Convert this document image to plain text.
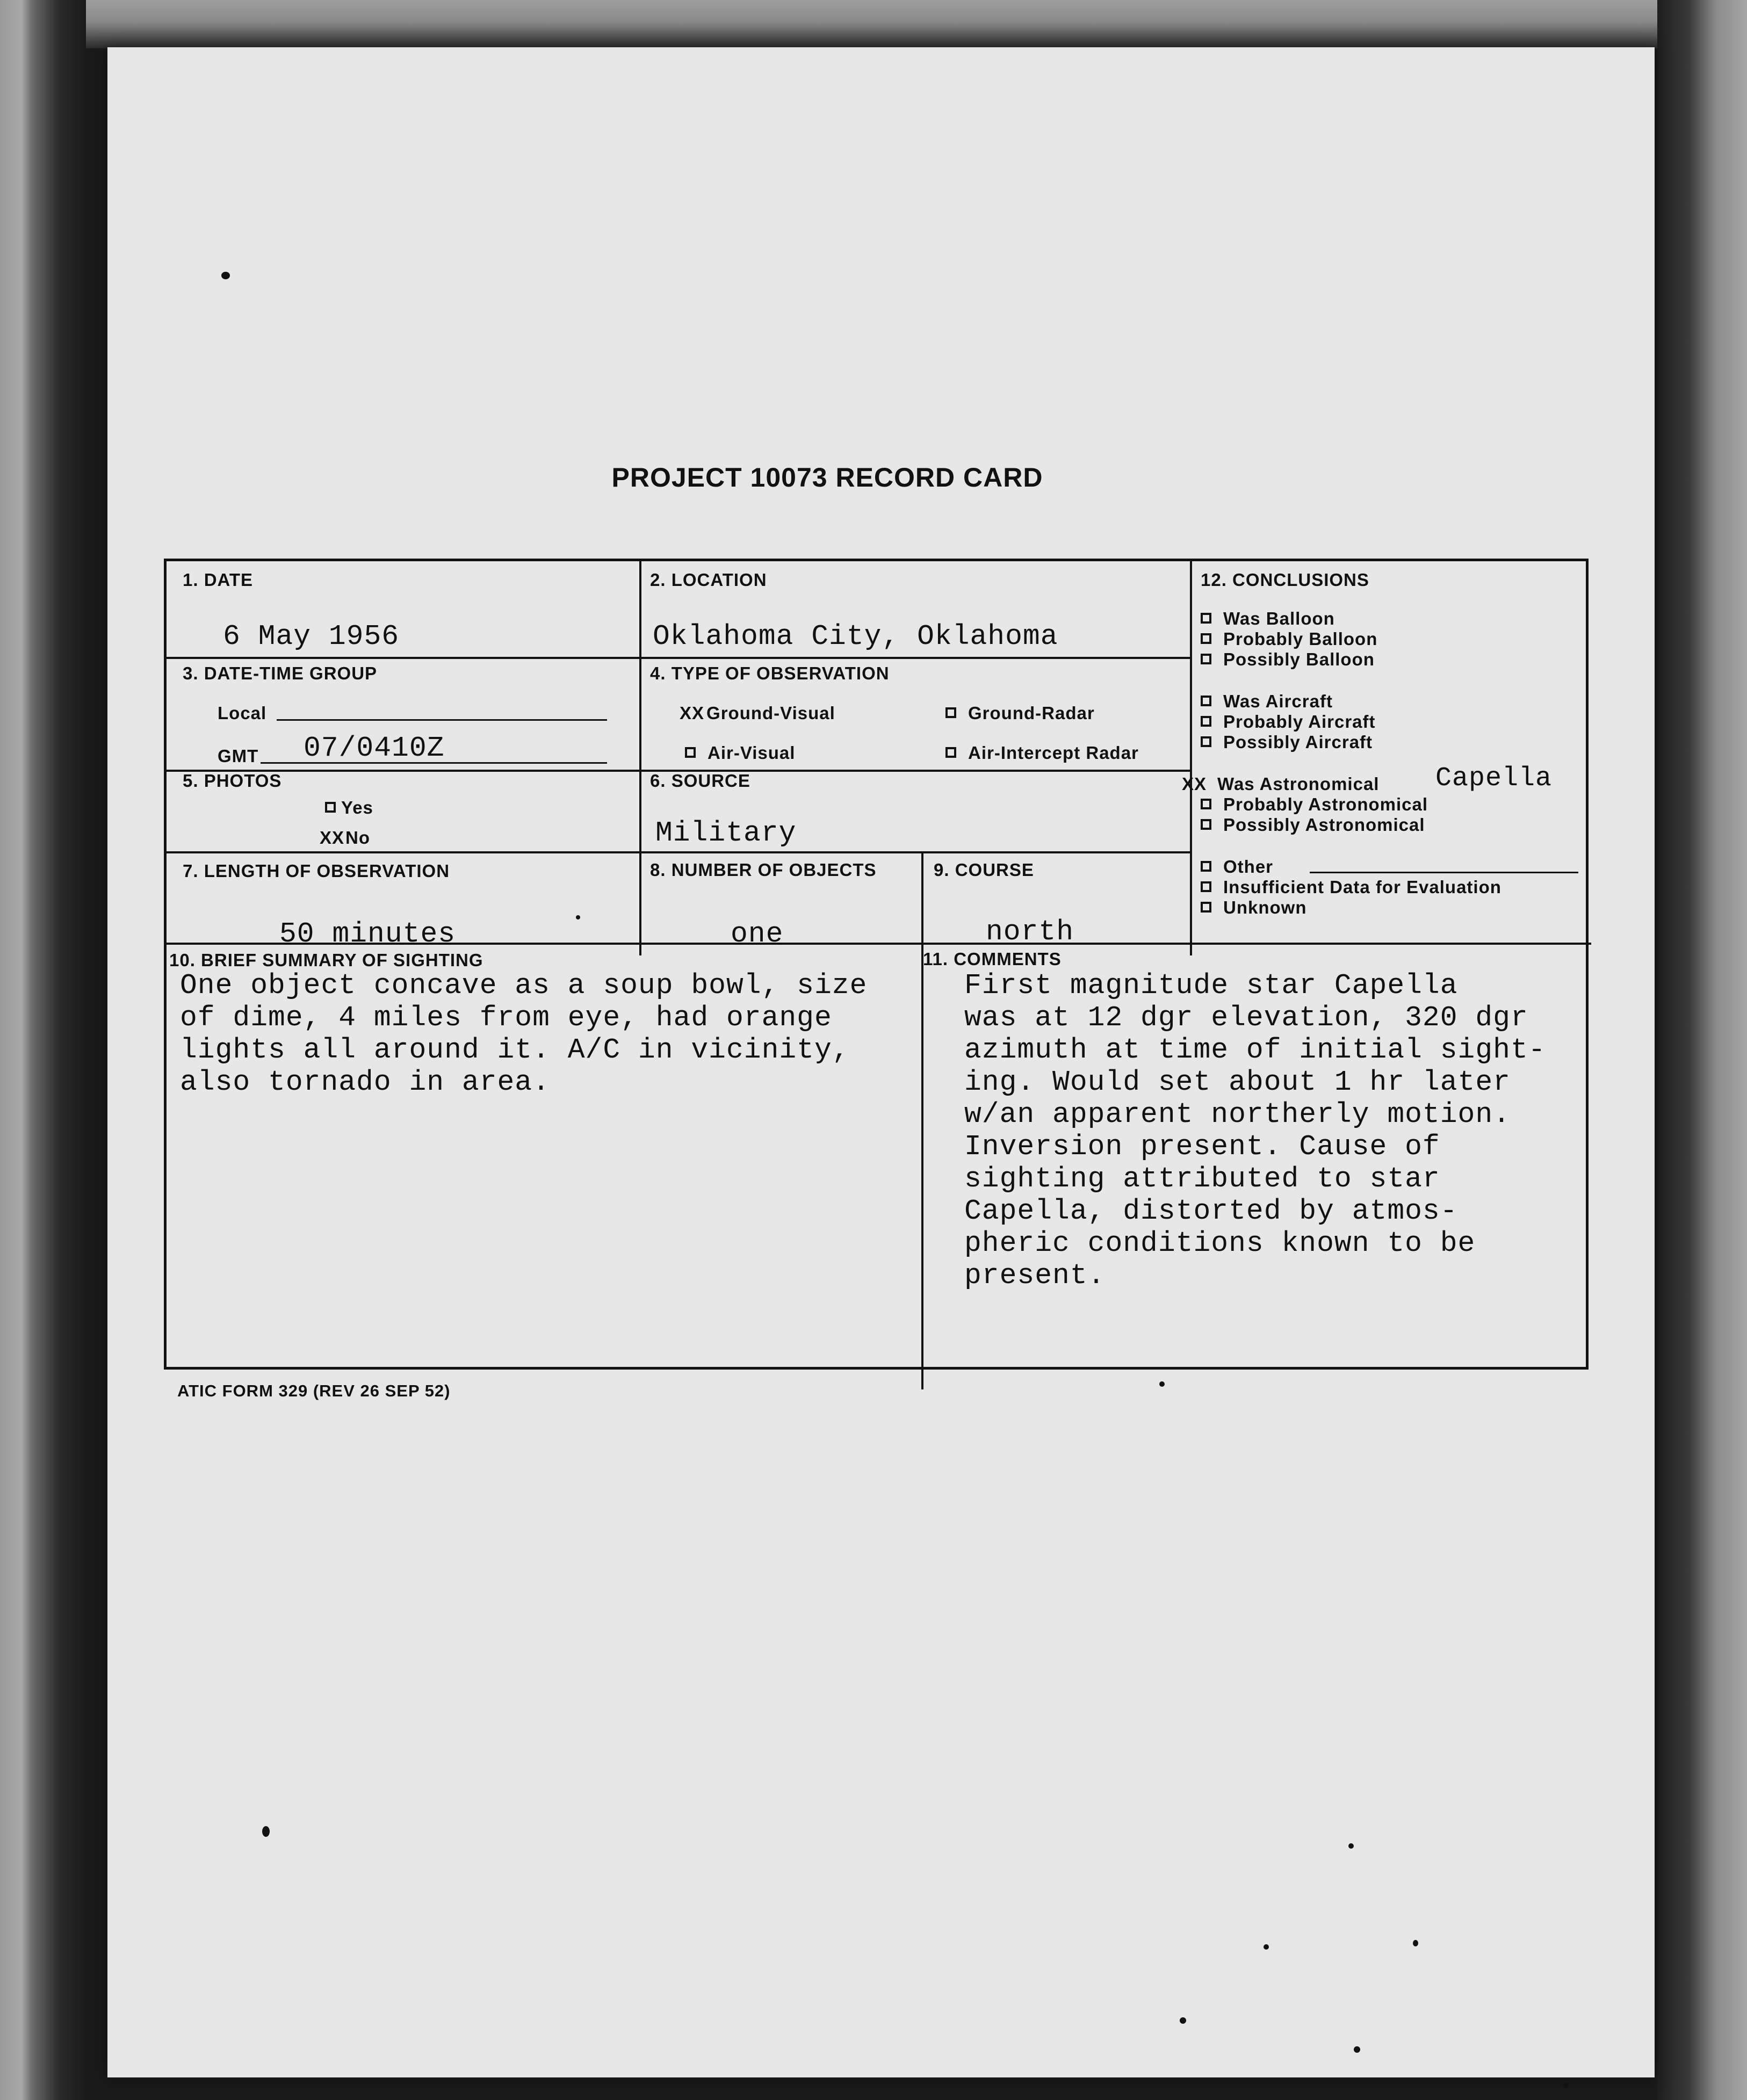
PROJECT 10073 RECORD CARD
1. DATE
6 May 1956
2. LOCATION
Oklahoma City, Oklahoma
3. DATE-TIME GROUP
Local
GMT 07/0410Z
4. TYPE OF OBSERVATION
XX Ground-Visual	Ground-Radar
Air-Visual	Air-Intercept Radar
5. PHOTOS
Yes
XXNo
6. SOURCE
Military
7. LENGTH OF OBSERVATION
50 minutes
8. NUMBER OF OBJECTS
one
9. COURSE
north
10. BRIEF SUMMARY OF SIGHTING
One object concave as a soup bowl, size
of dime, 4 miles from eye, had orange
lights all around it. A/C in vicinity,
also tornado in area.
11. COMMENTS
First magnitude star Capella
was at 12 dgr elevation, 320 dgr
azimuth at time of initial sight-
ing. Would set about 1 hr later
w/an apparent northerly motion.
Inversion present. Cause of
sighting attributed to star
Capella, distorted by atmos-
pheric conditions known to be
present.
12. CONCLUSIONS
Was Balloon
Probably Balloon
Possibly Balloon
Was Aircraft
Probably Aircraft
Possibly Aircraft
XX Was Astronomical Capella
Probably Astronomical
Possibly Astronomical
Other
Insufficient Data for Evaluation
Unknown
ATIC FORM 329 (REV 26 SEP 52)
